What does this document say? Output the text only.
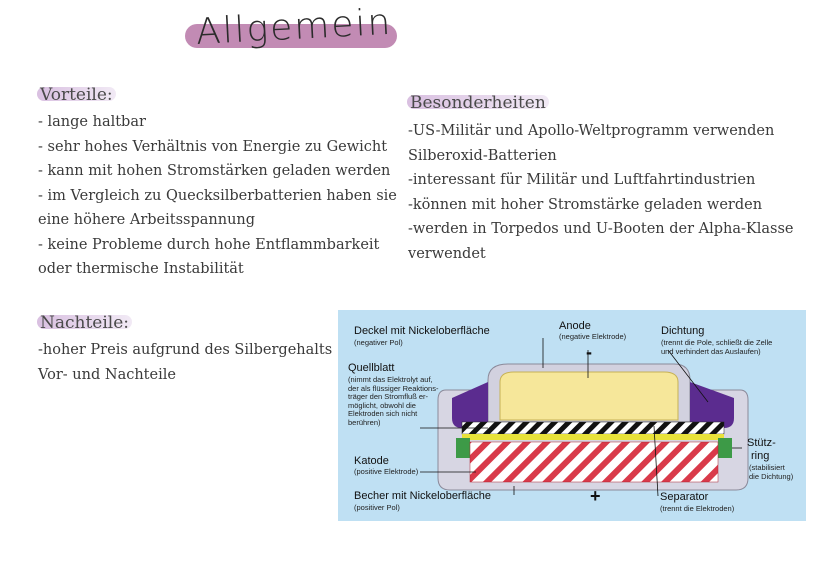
Allgemein
Vorteile:
- lange haltbar
- sehr hohes Verhältnis von Energie zu Gewicht
- kann mit hohen Stromstärken geladen werden
- im Vergleich zu Quecksilberbatterien haben sie
eine höhere Arbeitsspannung
- keine Probleme durch hohe Entflammbarkeit
oder thermische Instabilität
Besonderheiten
-US-Militär und Apollo-Weltprogramm verwenden
Silberoxid-Batterien
-interessant für Militär und Luftfahrtindustrien
-können mit hoher Stromstärke geladen werden
-werden in Torpedos und U-Booten der Alpha-Klasse
verwendet
Nachteile:
-hoher Preis aufgrund des Silbergehalts
Vor- und Nachteile
Deckel mit Nickeloberfläche
(negativer Pol)
Anode
(negative Elektrode)
-
Dichtung
(trennt die Pole, schließt die Zelle
und verhindert das Auslaufen)
Quellblatt
(nimmt das Elektrolyt auf,
der als flüssiger Reaktions-
träger den Stromfluß er-
möglicht, obwohl die
Elektroden sich nicht
berühren)
Stütz-
ring
(stabilisiert
die Dichtung)
Katode
(positive Elektrode)
Becher mit Nickeloberfläche
(positiver Pol)
+	Separator
(trennt die Elektroden)
